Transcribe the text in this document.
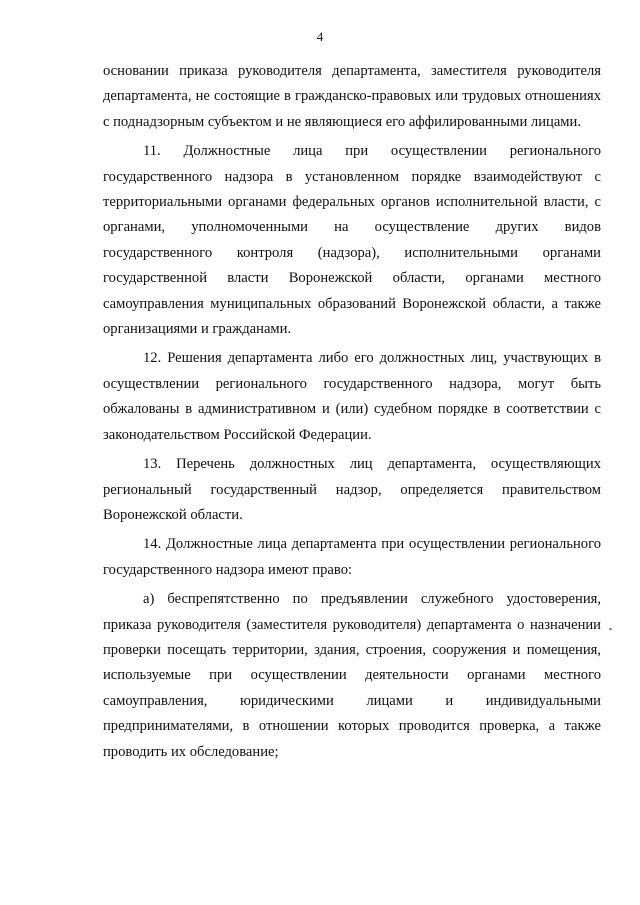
4

основании приказа руководителя департамента, заместителя руководителя департамента, не состоящие в гражданско-правовых или трудовых отношениях с поднадзорным субъектом и не являющиеся его аффилированными лицами.

11. Должностные лица при осуществлении регионального государственного надзора в установленном порядке взаимодействуют с территориальными органами федеральных органов исполнительной власти, с органами, уполномоченными на осуществление других видов государственного контроля (надзора), исполнительными органами государственной власти Воронежской области, органами местного самоуправления муниципальных образований Воронежской области, а также организациями и гражданами.

12. Решения департамента либо его должностных лиц, участвующих в осуществлении регионального государственного надзора, могут быть обжалованы в административном и (или) судебном порядке в соответствии с законодательством Российской Федерации.

13. Перечень должностных лиц департамента, осуществляющих региональный государственный надзор, определяется правительством Воронежской области.

14. Должностные лица департамента при осуществлении регионального государственного надзора имеют право:

а) беспрепятственно по предъявлении служебного удостоверения, приказа руководителя (заместителя руководителя) департамента о назначении проверки посещать территории, здания, строения, сооружения и помещения, используемые при осуществлении деятельности органами местного самоуправления, юридическими лицами и индивидуальными предпринимателями, в отношении которых проводится проверка, а также проводить их обследование;
